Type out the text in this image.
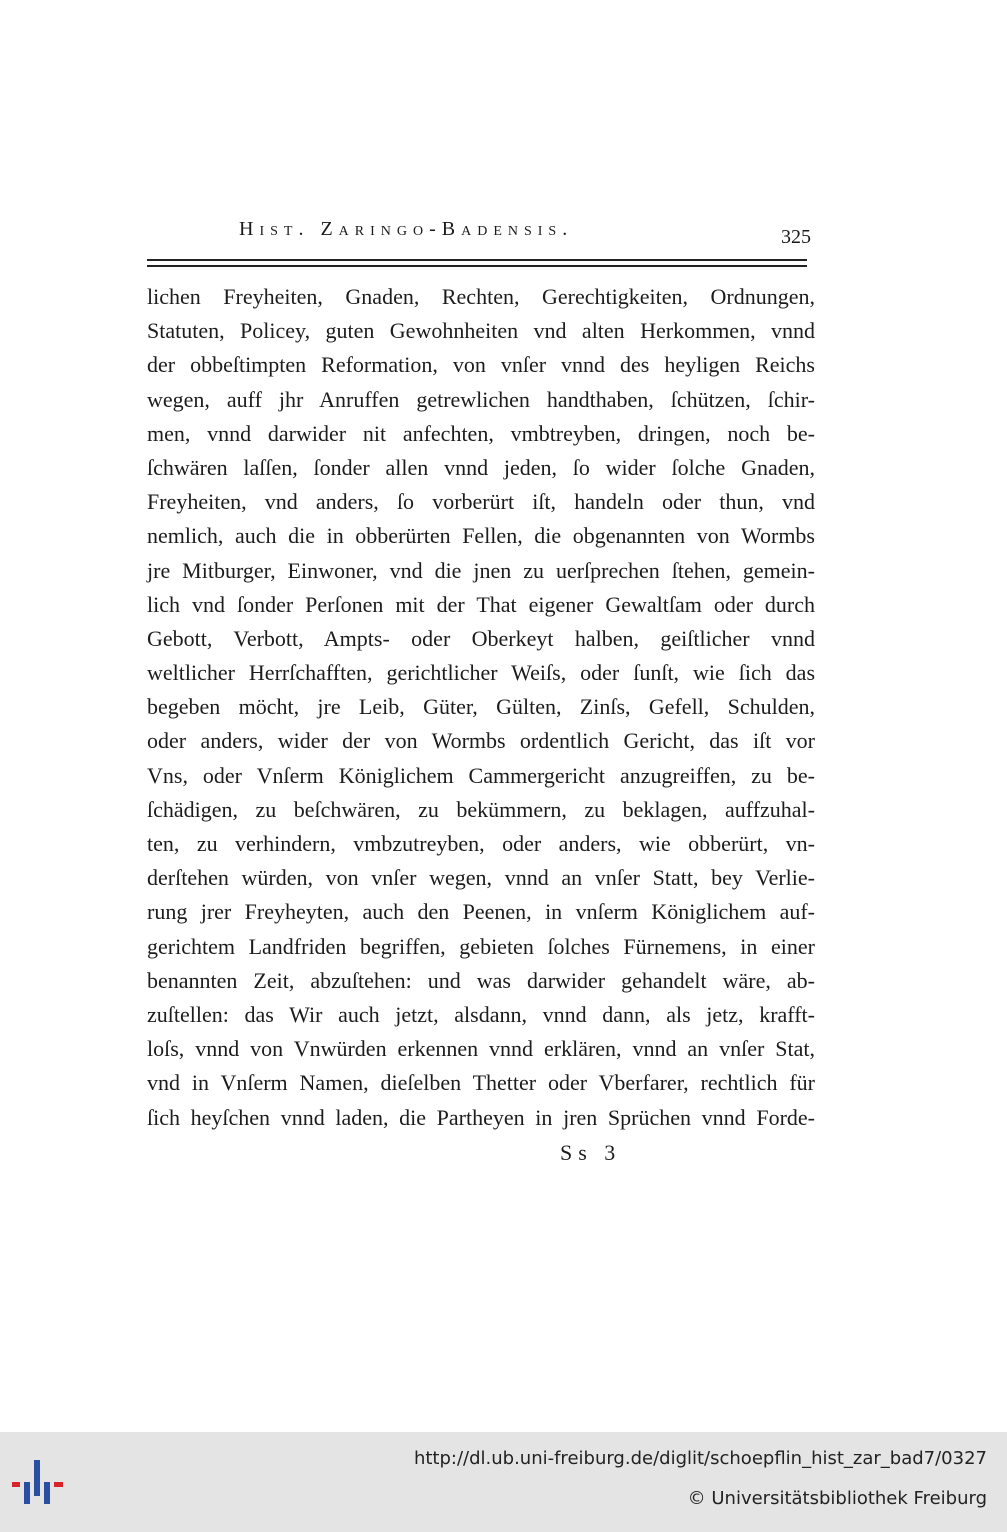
Hist. Zaringo-Badensis.	325
lichen Freyheiten, Gnaden, Rechten, Gerechtigkeiten, Ordnungen,
Statuten, Policey, guten Gewohnheiten vnd alten Herkommen, vnnd
der obbeſtimpten Reformation, von vnſer vnnd des heyligen Reichs
wegen, auff jhr Anruffen getrewlichen handthaben, ſchützen, ſchir-
men, vnnd darwider nit anfechten, vmbtreyben, dringen, noch be-
ſchwären laſſen, ſonder allen vnnd jeden, ſo wider ſolche Gnaden,
Freyheiten, vnd anders, ſo vorberürt iſt, handeln oder thun, vnd
nemlich, auch die in obberürten Fellen, die obgenannten von Wormbs
jre Mitburger, Einwoner, vnd die jnen zu uerſprechen ſtehen, gemein-
lich vnd ſonder Perſonen mit der That eigener Gewaltſam oder durch
Gebott, Verbott, Ampts- oder Oberkeyt halben, geiſtlicher vnnd
weltlicher Herrſchafften, gerichtlicher Weiſs, oder ſunſt, wie ſich das
begeben möcht, jre Leib, Güter, Gülten, Zinſs, Gefell, Schulden,
oder anders, wider der von Wormbs ordentlich Gericht, das iſt vor
Vns, oder Vnſerm Königlichem Cammergericht anzugreiffen, zu be-
ſchädigen, zu beſchwären, zu bekümmern, zu beklagen, auffzuhal-
ten, zu verhindern, vmbzutreyben, oder anders, wie obberürt, vn-
derſtehen würden, von vnſer wegen, vnnd an vnſer Statt, bey Verlie-
rung jrer Freyheyten, auch den Peenen, in vnſerm Königlichem auf-
gerichtem Landfriden begriffen, gebieten ſolches Fürnemens, in einer
benannten Zeit, abzuſtehen: und was darwider gehandelt wäre, ab-
zuſtellen: das Wir auch jetzt, alsdann, vnnd dann, als jetz, krafft-
loſs, vnnd von Vnwürden erkennen vnnd erklären, vnnd an vnſer Stat,
vnd in Vnſerm Namen, dieſelben Thetter oder Vberfarer, rechtlich für
ſich heyſchen vnnd laden, die Partheyen in jren Sprüchen vnnd Forde-
Ss 3
http://dl.ub.uni-freiburg.de/diglit/schoepflin_hist_zar_bad7/0327
© Universitätsbibliothek Freiburg
